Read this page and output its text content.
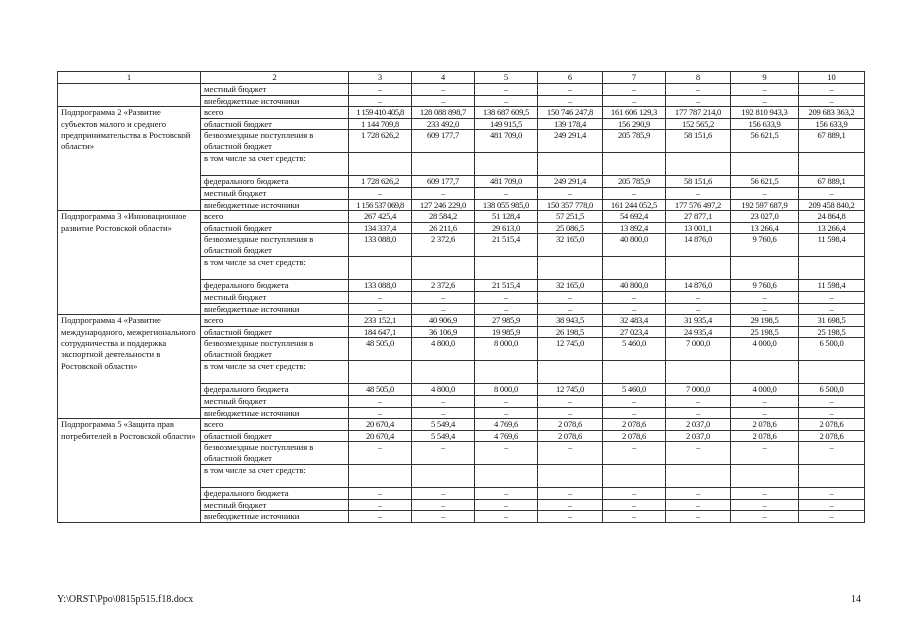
1	2	3	4	5	6	7	8	9	10
	местный бюджет	–	–	–	–	–	–	–	–
	внебюджетные источники	–	–	–	–	–	–	–	–
Подпрограмма 2 «Развитие субъектов малого и среднего предпринимательства в Ростовской области»	всего	1 159 410 405,8	128 088 898,7	138 687 609,5	150 746 247,8	161 606 129,3	177 787 214,0	192 810 943,3	209 683 363,2
	областной бюджет	1 144 709,8	233 492,0	149 915,5	139 178,4	156 290,9	152 565,2	156 633,9	156 633,9
	безвозмездные поступления в областной бюджет	1 728 626,2	609 177,7	481 709,0	249 291,4	205 785,9	58 151,6	56 621,5	67 889,1
	в том числе за счет средств:								
	федерального бюджета	1 728 626,2	609 177,7	481 709,0	249 291,4	205 785,9	58 151,6	56 621,5	67 889,1
	местный бюджет	–	–	–	–	–	–	–	–
	внебюджетные источники	1 156 537 069,8	127 246 229,0	138 055 985,0	150 357 778,0	161 244 052,5	177 576 497,2	192 597 687,9	209 458 840,2
Подпрограмма 3 «Инновационное развитие Ростовской области»	всего	267 425,4	28 584,2	51 128,4	57 251,5	54 692,4	27 877,1	23 027,0	24 864,8
	областной бюджет	134 337,4	26 211,6	29 613,0	25 086,5	13 892,4	13 001,1	13 266,4	13 266,4
	безвозмездные поступления в областной бюджет	133 088,0	2 372,6	21 515,4	32 165,0	40 800,0	14 876,0	9 760,6	11 598,4
	в том числе за счет средств:								
	федерального бюджета	133 088,0	2 372,6	21 515,4	32 165,0	40 800,0	14 876,0	9 760,6	11 598,4
	местный бюджет	–	–	–	–	–	–	–	–
	внебюджетные источники	–	–	–	–	–	–	–	–
Подпрограмма 4 «Развитие международного, межрегионального сотрудничества и поддержка экспортной деятельности в Ростовской области»	всего	233 152,1	40 906,9	27 985,9	38 943,5	32 483,4	31 935,4	29 198,5	31 698,5
	областной бюджет	184 647,1	36 106,9	19 985,9	26 198,5	27 023,4	24 935,4	25 198,5	25 198,5
	безвозмездные поступления в областной бюджет	48 505,0	4 800,0	8 000,0	12 745,0	5 460,0	7 000,0	4 000,0	6 500,0
	в том числе за счет средств:								
	федерального бюджета	48 505,0	4 800,0	8 000,0	12 745,0	5 460,0	7 000,0	4 000,0	6 500,0
	местный бюджет	–	–	–	–	–	–	–	–
	внебюджетные источники	–	–	–	–	–	–	–	–
Подпрограмма 5 «Защита прав потребителей в Ростовской области»	всего	20 670,4	5 549,4	4 769,6	2 078,6	2 078,6	2 037,0	2 078,6	2 078,6
	областной бюджет	20 670,4	5 549,4	4 769,6	2 078,6	2 078,6	2 037,0	2 078,6	2 078,6
	безвозмездные поступления в областной бюджет	–	–	–	–	–	–	–	–
	в том числе за счет средств:								
	федерального бюджета	–	–	–	–	–	–	–	–
	местный бюджет	–	–	–	–	–	–	–	–
	внебюджетные источники	–	–	–	–	–	–	–	–
Y:\ORST\Ppo\0815p515.f18.docx	14
